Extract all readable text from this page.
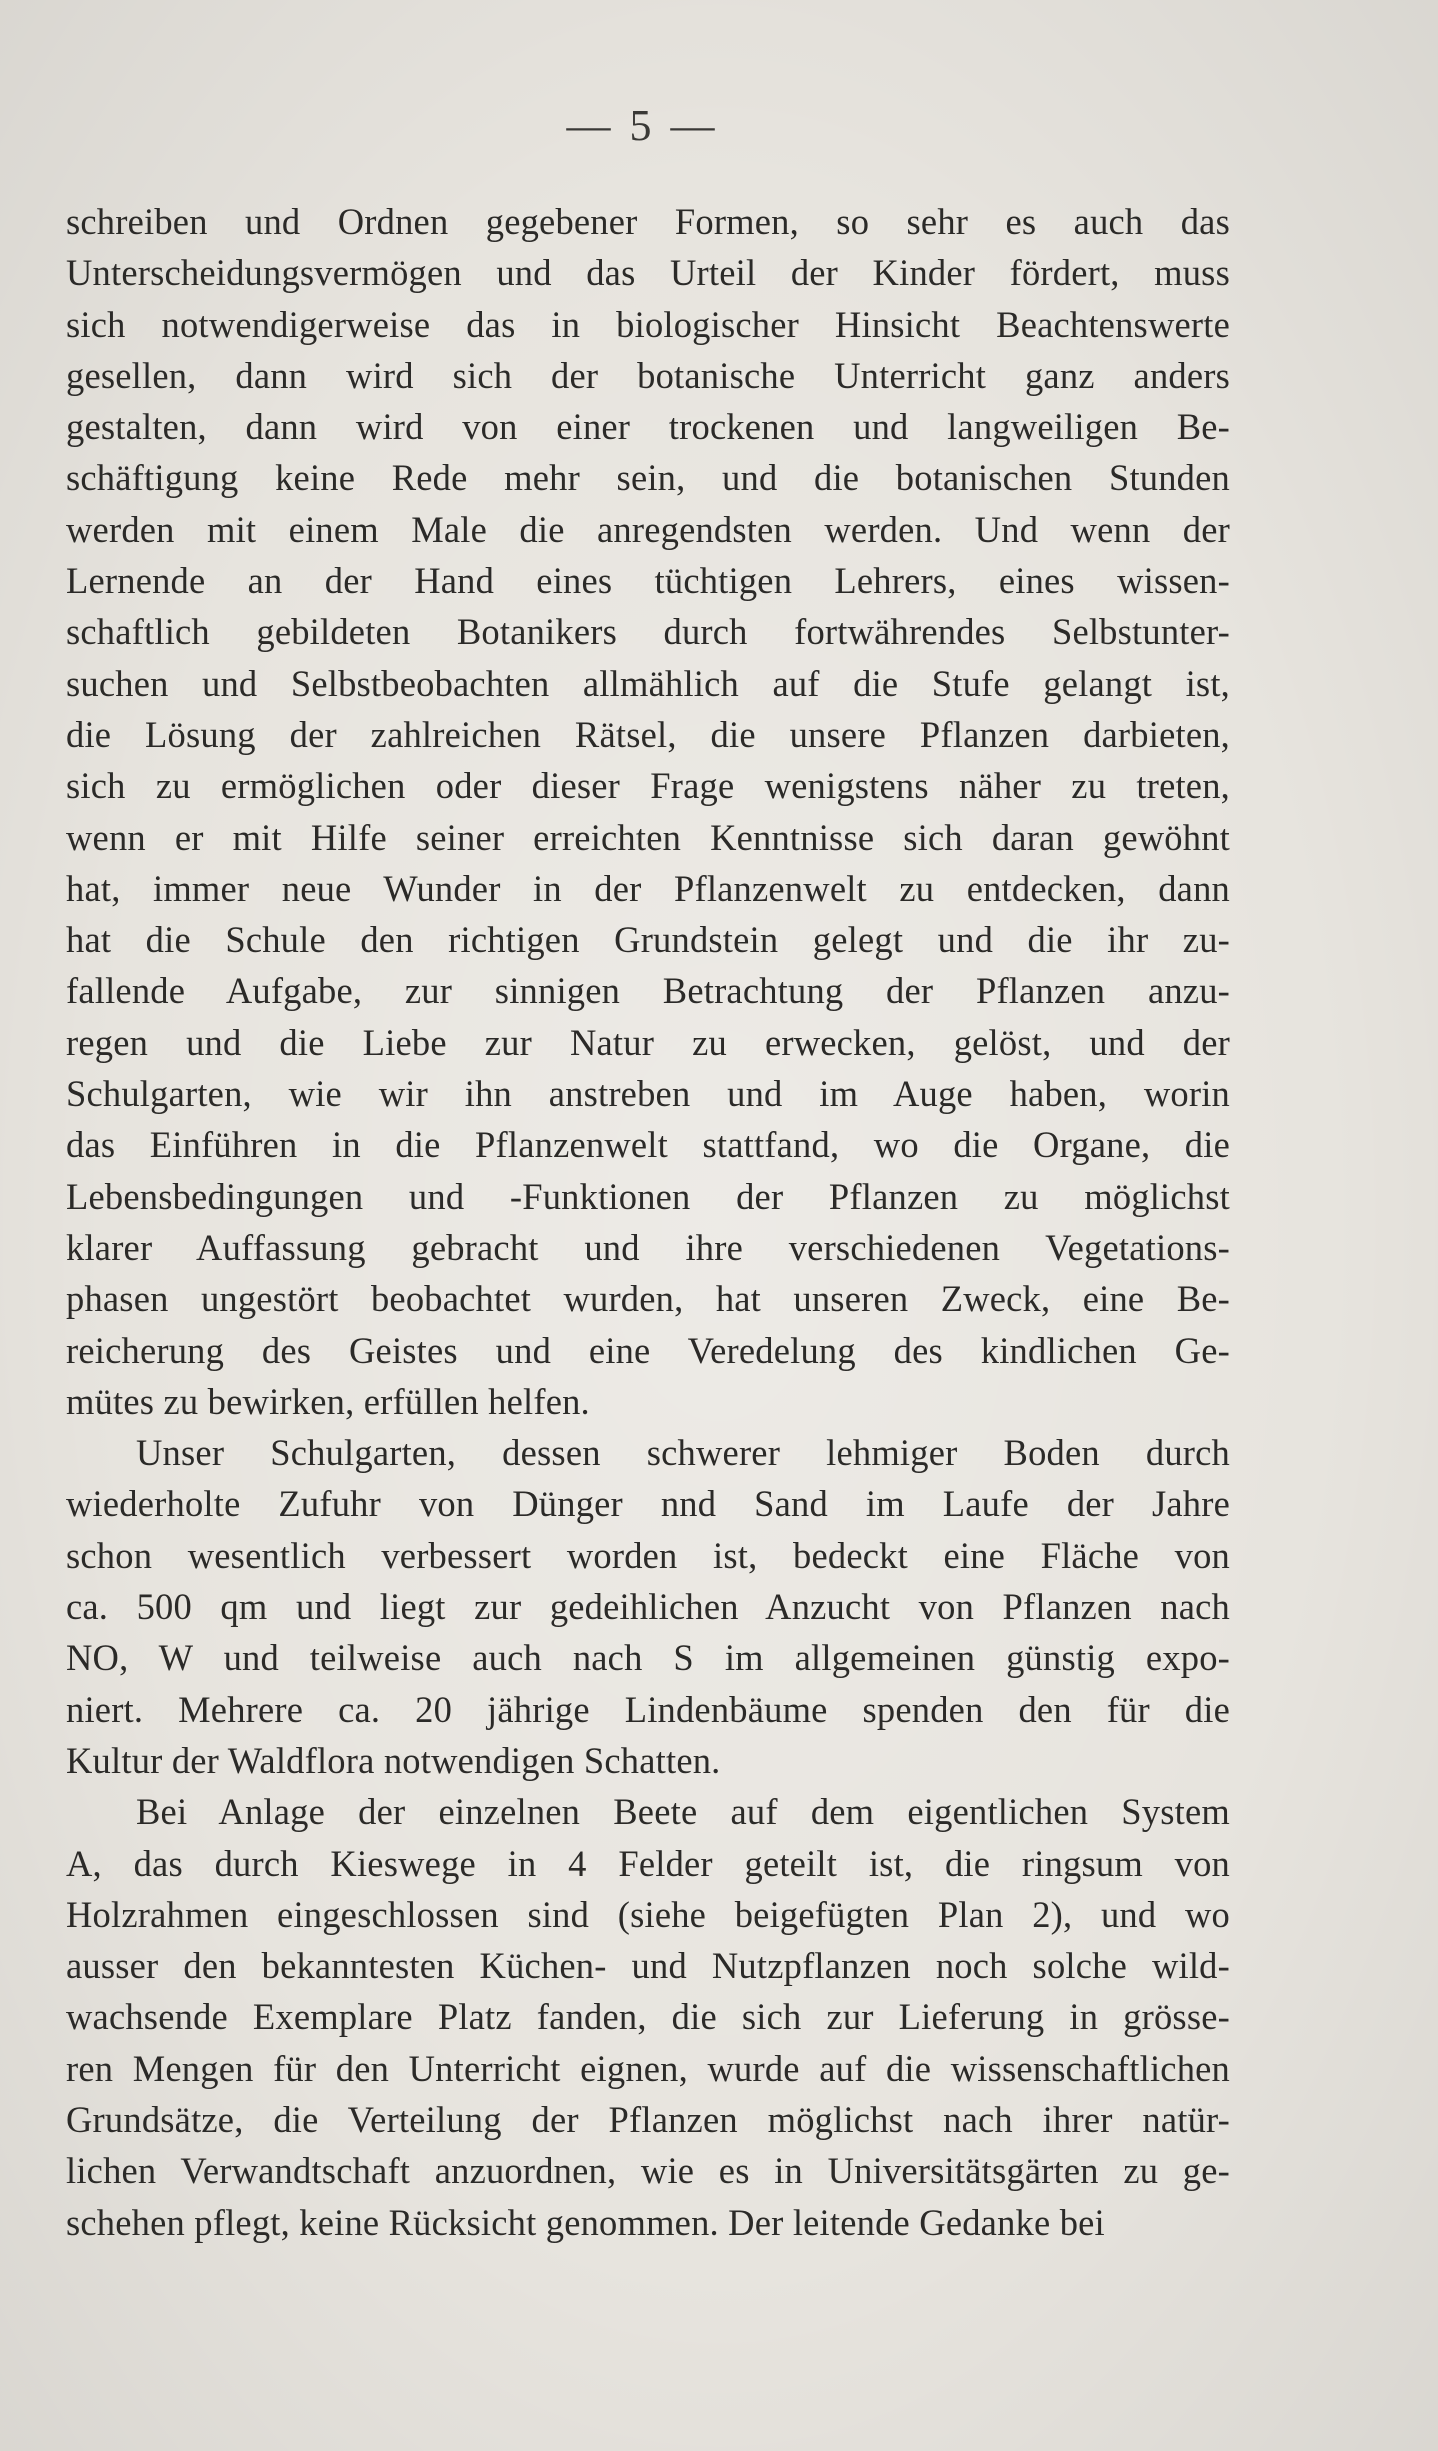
— 5 —
schreiben und Ordnen gegebener Formen, so sehr es auch das
Unterscheidungsvermögen und das Urteil der Kinder fördert, muss
sich notwendigerweise das in biologischer Hinsicht Beachtenswerte
gesellen, dann wird sich der botanische Unterricht ganz anders
gestalten, dann wird von einer trockenen und langweiligen Be-
schäftigung keine Rede mehr sein, und die botanischen Stunden
werden mit einem Male die anregendsten werden. Und wenn der
Lernende an der Hand eines tüchtigen Lehrers, eines wissen-
schaftlich gebildeten Botanikers durch fortwährendes Selbstunter-
suchen und Selbstbeobachten allmählich auf die Stufe gelangt ist,
die Lösung der zahlreichen Rätsel, die unsere Pflanzen darbieten,
sich zu ermöglichen oder dieser Frage wenigstens näher zu treten,
wenn er mit Hilfe seiner erreichten Kenntnisse sich daran gewöhnt
hat, immer neue Wunder in der Pflanzenwelt zu entdecken, dann
hat die Schule den richtigen Grundstein gelegt und die ihr zu-
fallende Aufgabe, zur sinnigen Betrachtung der Pflanzen anzu-
regen und die Liebe zur Natur zu erwecken, gelöst, und der
Schulgarten, wie wir ihn anstreben und im Auge haben, worin
das Einführen in die Pflanzenwelt stattfand, wo die Organe, die
Lebensbedingungen und -Funktionen der Pflanzen zu möglichst
klarer Auffassung gebracht und ihre verschiedenen Vegetations-
phasen ungestört beobachtet wurden, hat unseren Zweck, eine Be-
reicherung des Geistes und eine Veredelung des kindlichen Ge-
mütes zu bewirken, erfüllen helfen.
Unser Schulgarten, dessen schwerer lehmiger Boden durch
wiederholte Zufuhr von Dünger nnd Sand im Laufe der Jahre
schon wesentlich verbessert worden ist, bedeckt eine Fläche von
ca. 500 qm und liegt zur gedeihlichen Anzucht von Pflanzen nach
NO, W und teilweise auch nach S im allgemeinen günstig expo-
niert. Mehrere ca. 20 jährige Lindenbäume spenden den für die
Kultur der Waldflora notwendigen Schatten.
Bei Anlage der einzelnen Beete auf dem eigentlichen System
A, das durch Kieswege in 4 Felder geteilt ist, die ringsum von
Holzrahmen eingeschlossen sind (siehe beigefügten Plan 2), und wo
ausser den bekanntesten Küchen- und Nutzpflanzen noch solche wild-
wachsende Exemplare Platz fanden, die sich zur Lieferung in grösse-
ren Mengen für den Unterricht eignen, wurde auf die wissenschaftlichen
Grundsätze, die Verteilung der Pflanzen möglichst nach ihrer natür-
lichen Verwandtschaft anzuordnen, wie es in Universitätsgärten zu ge-
schehen pflegt, keine Rücksicht genommen. Der leitende Gedanke bei
